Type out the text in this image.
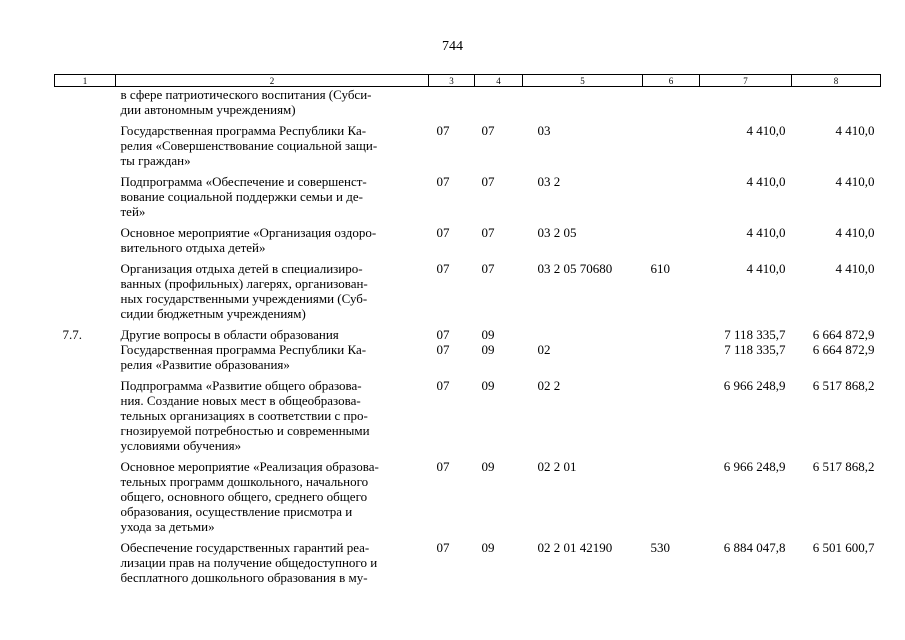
744
1	2	3	4	5	6	7	8

	в сфере патриотического воспитания (Субси-
дии автономным учреждениям)						

	Государственная программа Республики Ка-
релия «Совершенствование социальной защи-
ты граждан»	07	07	03		4 410,0	4 410,0

	Подпрограмма «Обеспечение и совершенст-
вование социальной поддержки семьи и де-
тей»	07	07	03 2		4 410,0	4 410,0

	Основное мероприятие «Организация оздоро-
вительного отдыха детей»	07	07	03 2 05		4 410,0	4 410,0

	Организация отдыха детей в специализиро-
ванных (профильных) лагерях, организован-
ных государственными учреждениями (Суб-
сидии бюджетным учреждениям)	07	07	03 2 05 70680	610	4 410,0	4 410,0
7.7.	Другие вопросы в области образования	07	09			7 118 335,7	6 664 872,9

	Государственная программа Республики Ка-
релия «Развитие образования»	07	09	02		7 118 335,7	6 664 872,9

	Подпрограмма «Развитие общего образова-
ния. Создание новых мест в общеобразова-
тельных организациях в соответствии с про-
гнозируемой потребностью и современными
условиями обучения»	07	09	02 2		6 966 248,9	6 517 868,2

	Основное мероприятие «Реализация образова-
тельных программ дошкольного, начального
общего, основного общего, среднего общего
образования, осуществление присмотра и
ухода за детьми»	07	09	02 2 01		6 966 248,9	6 517 868,2

	Обеспечение государственных гарантий реа-
лизации прав на получение общедоступного и
бесплатного дошкольного образования в му-	07	09	02 2 01 42190	530	6 884 047,8	6 501 600,7
